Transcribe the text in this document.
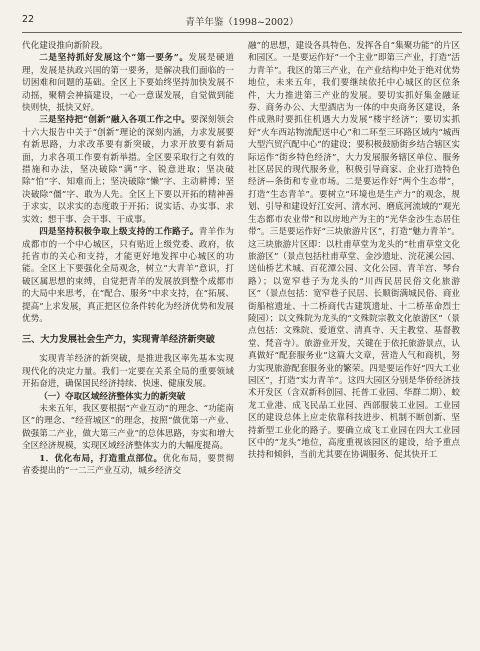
22	青羊年鉴（1998~2002）

代化建设推向新阶段。

二是坚持抓好发展这个“第一要务”。发展是硬道理，发展是执政兴国的第一要务，是解决我们面临的一切困难和问题的基础。全区上下要始终坚持加快发展不动摇，聚精会神搞建设，一心一意谋发展，自觉做到能快则快，抵快又好。

三是坚持把“创新”融入各项工作之中。要深刻领会十六大报告中关于“创新”理论的深刻内涵，力求发展要有新思路，力求改革要有新突破，力求开放要有新局面，力求各项工作要有新举措。全区要采取行之有效的措施和办法，坚决破除“满”字、锐意进取；坚决破除“怕”字、知难而上；坚决破除“懒”字、主动耕博；坚决破除“僵”字、敢为人先。全区上下要以开拓的精神善于求实，以求实的态度敢于开拓；说实话、办实事、求实效；想干事、会干事、干成事。

四是坚持积极争取上级支持的工作路子。青羊作为成都市的一个中心城区，只有贴近上级党委、政府，依托省市的关心和支持，才能更好地发挥中心城区的功能。全区上下要强化全局观念，树立“大青羊”意识，打破区属思想的束缚，自觉把青羊的发展放到整个成都市的大局中来思考，在“配合、服务”中求支持，在“拓展、提高”上求发展，真正把区位条件转化为经济优势和发展优势。

三、大力发展社会生产力，实现青羊经济新突破

实现青羊经济的新突破，是推进我区率先基本实现现代化的决定力量。我们一定要在关系全局的重要领域开拓奋进，确保国民经济持续、快速、健康发展。

（一）夺取区域经济整体实力的新突破

未来五年，我区要根据“产业互动”的理念、“功能南区”的理念、“经营城区”的理念，按照“做优第一产业、做强第二产业，做大第三产业”的总体思路，夯实和增大全区经济规模，实现区域经济整体实力的大幅度提高。

1．优化布局，打造重点部位。优化布局，要贯彻省委提出的“一二三产业互动，城乡经济交

融”的思想，建设各具特色、发挥各自“集聚功能”的片区和园区。一是要运作好“一个主业”即第三产业，打造“活力青羊”。我区的第三产业，在产业结构中处于绝对优势地位，未来五年，我们要继续依托中心城区的区位条件，大力推进第三产业的发展。要切实抓好集金融证券、商务办公、大型酒店为一体的中央商务区建设，条件成熟时要抓住机遇大力发展“楼宇经济”；要切实抓好“火车西站物流配送中心”和二环至三环路区域内“城西大型汽贸汽配中心”的建设；要积极鼓励街乡结合辖区实际运作“街乡特色经济”，大力发展服务辖区单位、服务社区居民的现代服务业，积极引导商家、企业打造特色经济—条街和专业市场。二是要运作好“两个生态带”，打造“生态青羊”。要树立“环境也是生产力”的观念，规划、引导和建设好江安河、清水河、磨底河流域的“观光生态都市农业带”和以房地产为主的“光华金沙生态居住带”。三是要运作好“三块旅游片区”，打造“魅力青羊”。这三块旅游片区即：以杜甫草堂为龙头的“杜甫草堂文化旅游区”（景点包括杜甫草堂、金沙遗址、浣花溪公园、送仙桥艺术城、百花潭公园、文化公园、青羊宫、琴台路）；以宽窄巷子为龙头的“川西民居民俗文化旅游区”（景点包括：宽窄巷子民居、长顺街满城民俗、商业街船棺遗址、十二桥商代古建筑遗址、十二桥革命烈士陵园）；以文殊院为龙头的“文殊院宗教文化旅游区”（景点包括：文殊院、爱道堂、清真寺、天主教堂、基督教堂、梵音寺）。旅游业开发，关键在于依托旅游景点，认真做好“配套服务业”这篇大文章，营造人气和商机，努力实现旅游配套服务业的繁荣。四是要运作好“四大工业园区”，打造“实力青羊”。这四大园区分别是华侨经济技术开发区（含双新科创园、托普工业园、华群二期）、蛟龙工业港、成飞民品工业园、西部服装工业园。工业园区的建设总体上应走依靠科技进步、机制不断创新、坚持新型工业化的路子。要确立成飞工业园在四大工业园区中的“龙头”地位，高度重视该园区的建设，给予重点扶持和倾斜，当前尤其要在协调服务、促其快开工
